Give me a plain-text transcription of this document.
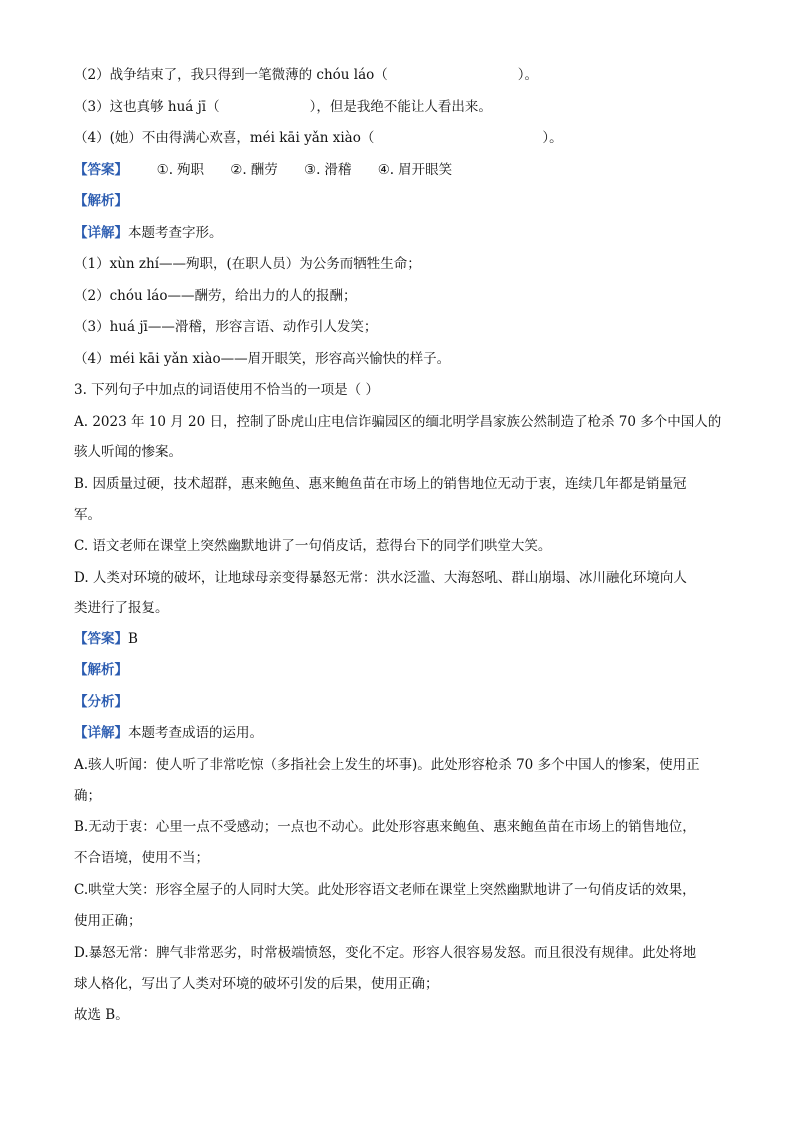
（2）战争结束了，我只得到一笔微薄的 chóu láo（	）。
（3）这也真够 huá jī（	），但是我绝不能让人看出来。
（4）(她）不由得满心欢喜，méi kāi yǎn xiào（	）。
【答案】 ①. 殉职 ②. 酬劳 ③. 滑稽 ④. 眉开眼笑
【解析】
【详解】本题考查字形。
（1）xùn zhí——殉职，(在职人员）为公务而牺牲生命；
（2）chóu láo——酬劳，给出力的人的报酬；
（3）huá jī——滑稽，形容言语、动作引人发笑；
（4）méi kāi yǎn xiào——眉开眼笑，形容高兴愉快的样子。
3. 下列句子中加点的词语使用不恰当的一项是（ ）
A. 2023 年 10 月 20 日，控制了卧虎山庄电信诈骗园区的缅北明学昌家族公然制造了枪杀 70 多个中国人的
骇人听闻的惨案。
B. 因质量过硬，技术超群，惠来鲍鱼、惠来鲍鱼苗在市场上的销售地位无动于衷，连续几年都是销量冠
军。
C. 语文老师在课堂上突然幽默地讲了一句俏皮话，惹得台下的同学们哄堂大笑。
D. 人类对环境的破坏，让地球母亲变得暴怒无常：洪水泛滥、大海怒吼、群山崩塌、冰川融化环境向人
类进行了报复。
【答案】B
【解析】
【分析】
【详解】本题考查成语的运用。
A.骇人听闻：使人听了非常吃惊（多指社会上发生的坏事)。此处形容枪杀 70 多个中国人的惨案，使用正
确；
B.无动于衷：心里一点不受感动；一点也不动心。此处形容惠来鲍鱼、惠来鲍鱼苗在市场上的销售地位，
不合语境，使用不当；
C.哄堂大笑：形容全屋子的人同时大笑。此处形容语文老师在课堂上突然幽默地讲了一句俏皮话的效果，
使用正确；
D.暴怒无常：脾气非常恶劣，时常极端愤怒，变化不定。形容人很容易发怒。而且很没有规律。此处将地
球人格化，写出了人类对环境的破坏引发的后果，使用正确；
故选 B。
